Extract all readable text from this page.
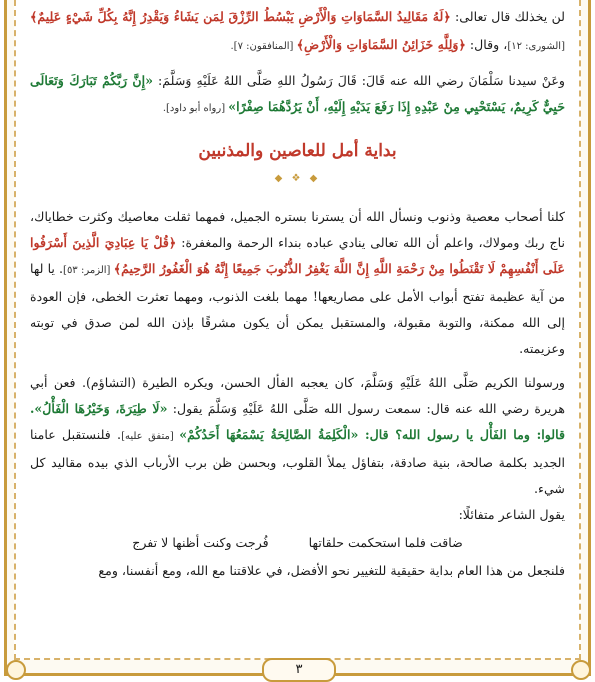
لن يخذلك قال تعالى: ﴿لَهُ مَقَالِيدُ السَّمَاوَاتِ وَالْأَرْضِ يَبْسُطُ الرِّزْقَ لِمَن يَشَاءُ وَيَقْدِرُ إِنَّهُ بِكُلِّ شَيْءٍ عَلِيمٌ﴾ [الشورى: ١٢]، وقال: ﴿وَلِلَّهِ خَزَائِنُ السَّمَاوَاتِ وَالْأَرْضِ﴾ [المنافقون: ٧].

وعَنْ سيدنا سَلْمَانَ رضي الله عنه قَالَ: قَالَ رَسُولُ اللهِ صَلَّى اللهُ عَلَيْهِ وَسَلَّمَ: «إِنَّ رَبَّكُمْ تَبَارَكَ وَتَعَالَى حَيِيٌّ كَرِيمٌ، يَسْتَحْيِي مِنْ عَبْدِهِ إِذَا رَفَعَ يَدَيْهِ إِلَيْهِ، أَنْ يَرُدَّهُمَا صِفْرًا» [رواه أبو داود].

بداية أمل للعاصين والمذنبين
◆ ❖ ◆

كلنا أصحاب معصية وذنوب ونسأل الله أن يسترنا بستره الجميل، فمهما ثقلت معاصيك وكثرت خطاياك، ناج ربك ومولاك، واعلم أن الله تعالى ينادي عباده بنداء الرحمة والمغفرة: ﴿قُلْ يَا عِبَادِيَ الَّذِينَ أَسْرَفُوا عَلَى أَنْفُسِهِمْ لَا تَقْنَطُوا مِنْ رَحْمَةِ اللَّهِ إِنَّ اللَّهَ يَغْفِرُ الذُّنُوبَ جَمِيعًا إِنَّهُ هُوَ الْغَفُورُ الرَّحِيمُ﴾ [الزمر: ٥٣]. يا لها من آية عظيمة تفتح أبواب الأمل على مصاريعها! مهما بلغت الذنوب، ومهما تعثرت الخطى، فإن العودة إلى الله ممكنة، والتوبة مقبولة، والمستقبل يمكن أن يكون مشرقًا بإذن الله لمن صدق في توبته وعزيمته.

ورسولنا الكريم صَلَّى اللهُ عَلَيْهِ وَسَلَّمَ، كان يعجبه الفأل الحسن، ويكره الطيرة (التشاؤم). فعن أبي هريرة رضي الله عنه قال: سمعت رسول الله صَلَّى اللهُ عَلَيْهِ وَسَلَّمَ يقول: «لَا طِيَرَةَ، وَخَيْرُهَا الْفَأْلُ». قالوا: وما الفَأْل يا رسول الله؟ قال: «الْكَلِمَةُ الصَّالِحَةُ يَسْمَعُهَا أَحَدُكُمْ» [متفق عليه]. فلنستقبل عامنا الجديد بكلمة صالحة، بنية صادقة، بتفاؤل يملأ القلوب، وبحسن ظن برب الأرباب الذي بيده مقاليد كل شيء.

يقول الشاعر متفائلًا:

ضاقت فلما استحكمت حلقاتها
فُرجت وكنت أظنها لا تفرج

فلنجعل من هذا العام بداية حقيقية للتغيير نحو الأفضل، في علاقتنا مع الله، ومع أنفسنا، ومع

٣
